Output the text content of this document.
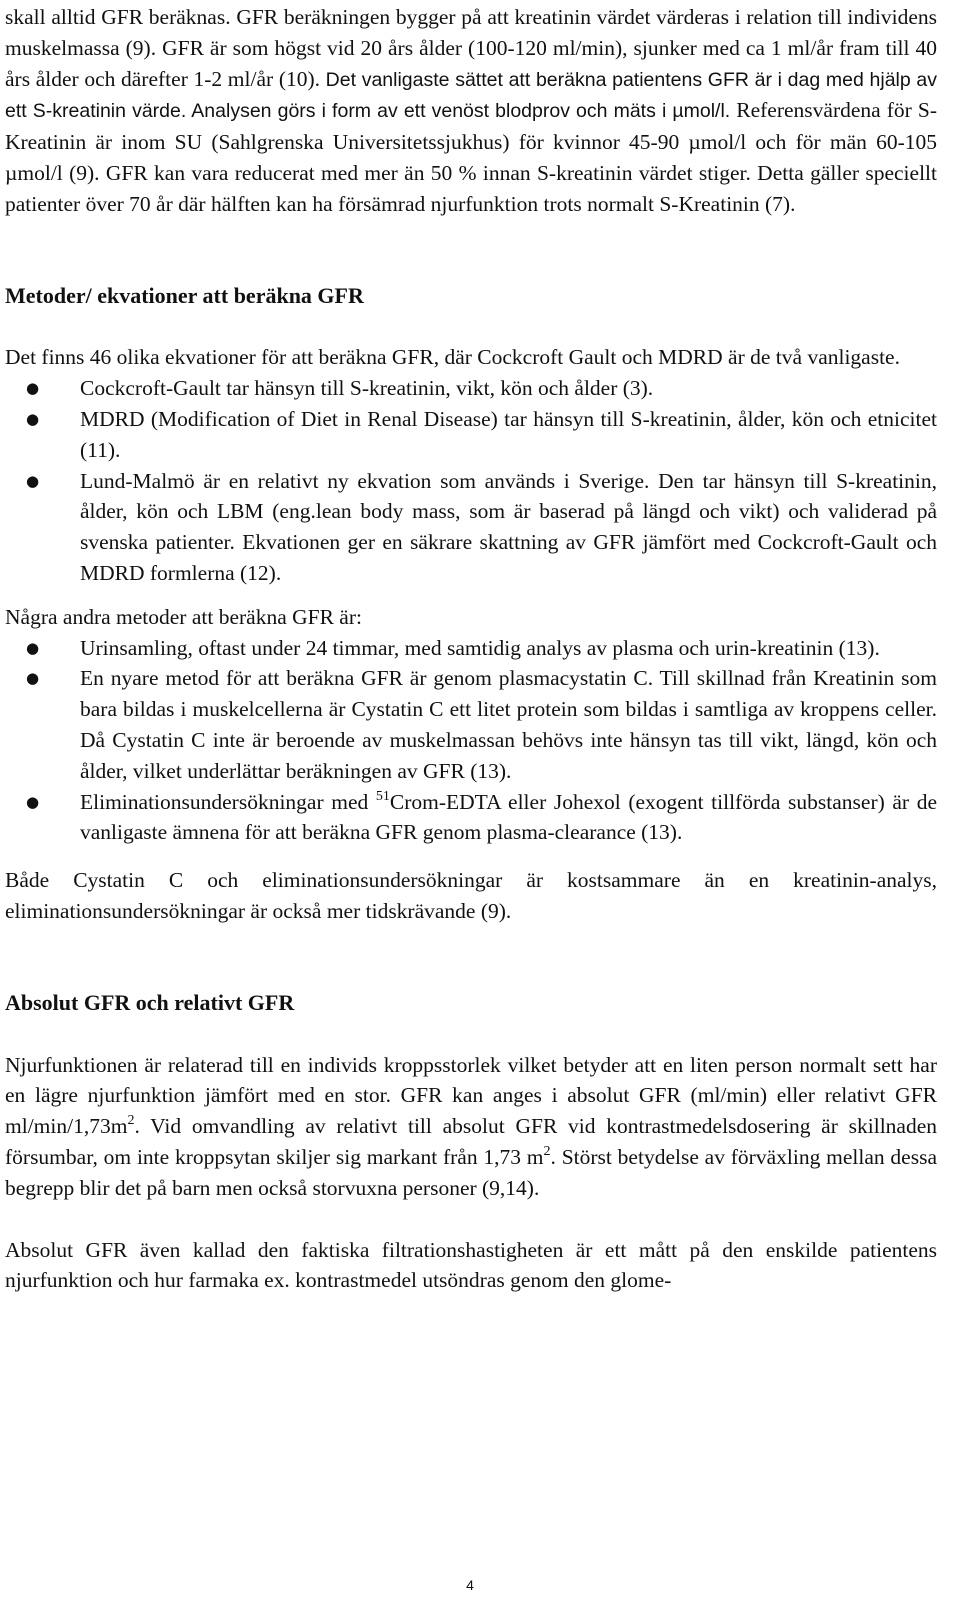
skall alltid GFR beräknas. GFR beräkningen bygger på att kreatinin värdet värderas i relation till individens muskelmassa (9). GFR är som högst vid 20 års ålder (100-120 ml/min), sjunker med ca 1 ml/år fram till 40 års ålder och därefter 1-2 ml/år (10). Det vanligaste sättet att beräkna patientens GFR är i dag med hjälp av ett S-kreatinin värde. Analysen görs i form av ett venöst blodprov och mäts i µmol/l. Referensvärdena för S-Kreatinin är inom SU (Sahlgrenska Universitetssjukhus) för kvinnor 45-90 µmol/l och för män 60-105 µmol/l (9). GFR kan vara reducerat med mer än 50 % innan S-kreatinin värdet stiger. Detta gäller speciellt patienter över 70 år där hälften kan ha försämrad njurfunktion trots normalt S-Kreatinin (7).

Metoder/ ekvationer att beräkna GFR

Det finns 46 olika ekvationer för att beräkna GFR, där Cockcroft Gault och MDRD är de två vanligaste.

● Cockcroft-Gault tar hänsyn till S-kreatinin, vikt, kön och ålder (3).
● MDRD (Modification of Diet in Renal Disease) tar hänsyn till S-kreatinin, ålder, kön och etnicitet (11).
● Lund-Malmö är en relativt ny ekvation som används i Sverige. Den tar hänsyn till S-kreatinin, ålder, kön och LBM (eng.lean body mass, som är baserad på längd och vikt) och validerad på svenska patienter. Ekvationen ger en säkrare skattning av GFR jämfört med Cockcroft-Gault och MDRD formlerna (12).

Några andra metoder att beräkna GFR är:

● Urinsamling, oftast under 24 timmar, med samtidig analys av plasma och urin-kreatinin (13).
● En nyare metod för att beräkna GFR är genom plasmacystatin C. Till skillnad från Kreatinin som bara bildas i muskelcellerna är Cystatin C ett litet protein som bildas i samtliga av kroppens celler. Då Cystatin C inte är beroende av muskelmassan behövs inte hänsyn tas till vikt, längd, kön och ålder, vilket underlättar beräkningen av GFR (13).
● Eliminationsundersökningar med $^{51}$Crom-EDTA eller Johexol (exogent tillförda substanser) är de vanligaste ämnena för att beräkna GFR genom plasma-clearance (13).

Både Cystatin C och eliminationsundersökningar är kostsammare än en kreatinin-analys, eliminationsundersökningar är också mer tidskrävande (9).

Absolut GFR och relativt GFR

Njurfunktionen är relaterad till en individs kroppsstorlek vilket betyder att en liten person normalt sett har en lägre njurfunktion jämfört med en stor. GFR kan anges i absolut GFR (ml/min) eller relativt GFR $ml/\min/1,73m^2$. Vid omvandling av relativt till absolut GFR vid kontrastmedelsdosering är skillnaden försumbar, om inte kroppsytan skiljer sig markant från 1,73 $m^2$. Störst betydelse av förväxling mellan dessa begrepp blir det på barn men också storvuxna personer (9,14).

Absolut GFR även kallad den faktiska filtrationshastigheten är ett mått på den enskilde patientens njurfunktion och hur farmaka ex. kontrastmedel utsöndras genom den glome-

4
